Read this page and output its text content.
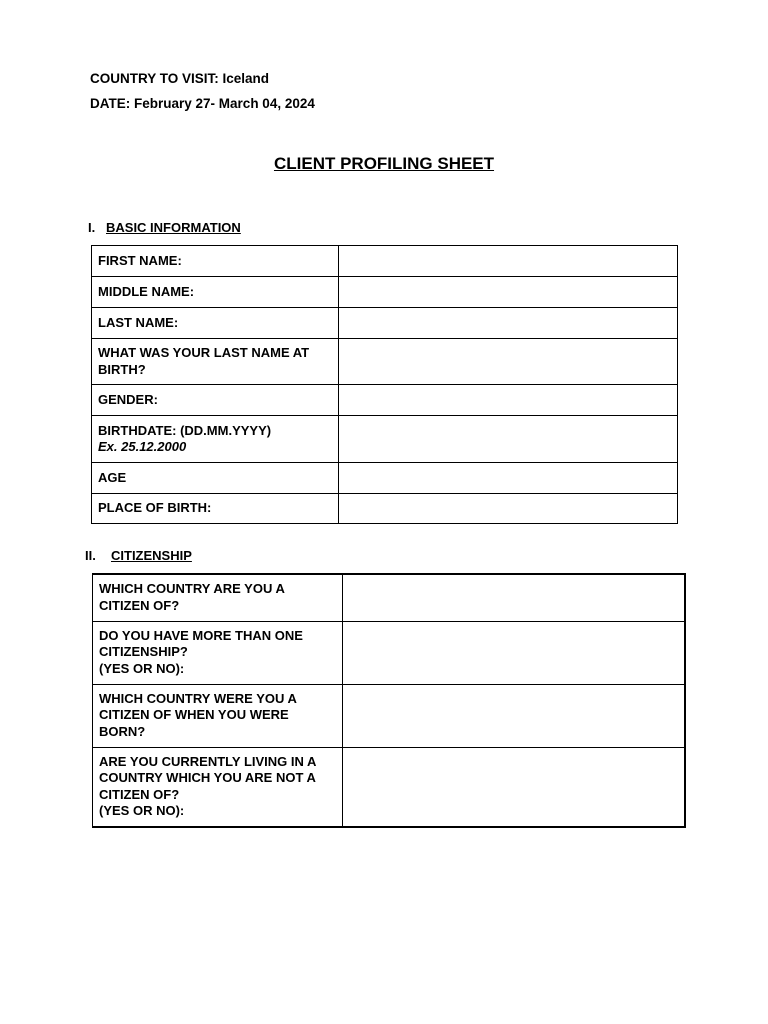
COUNTRY TO VISIT: Iceland
DATE: February 27- March 04, 2024
CLIENT PROFILING SHEET
I. BASIC INFORMATION
FIRST NAME:	
MIDDLE NAME:	
LAST NAME:	
WHAT WAS YOUR LAST NAME AT BIRTH?	
GENDER:	

BIRTHDATE: (DD.MM.YYYY)
Ex. 25.12.2000	

AGE	
PLACE OF BIRTH:	
II. CITIZENSHIP
WHICH COUNTRY ARE YOU A CITIZEN OF?	

DO YOU HAVE MORE THAN ONE CITIZENSHIP?
(YES OR NO):	

WHICH COUNTRY WERE YOU A CITIZEN OF WHEN YOU WERE BORN?	

ARE YOU CURRENTLY LIVING IN A COUNTRY WHICH YOU ARE NOT A CITIZEN OF?
(YES OR NO):	
